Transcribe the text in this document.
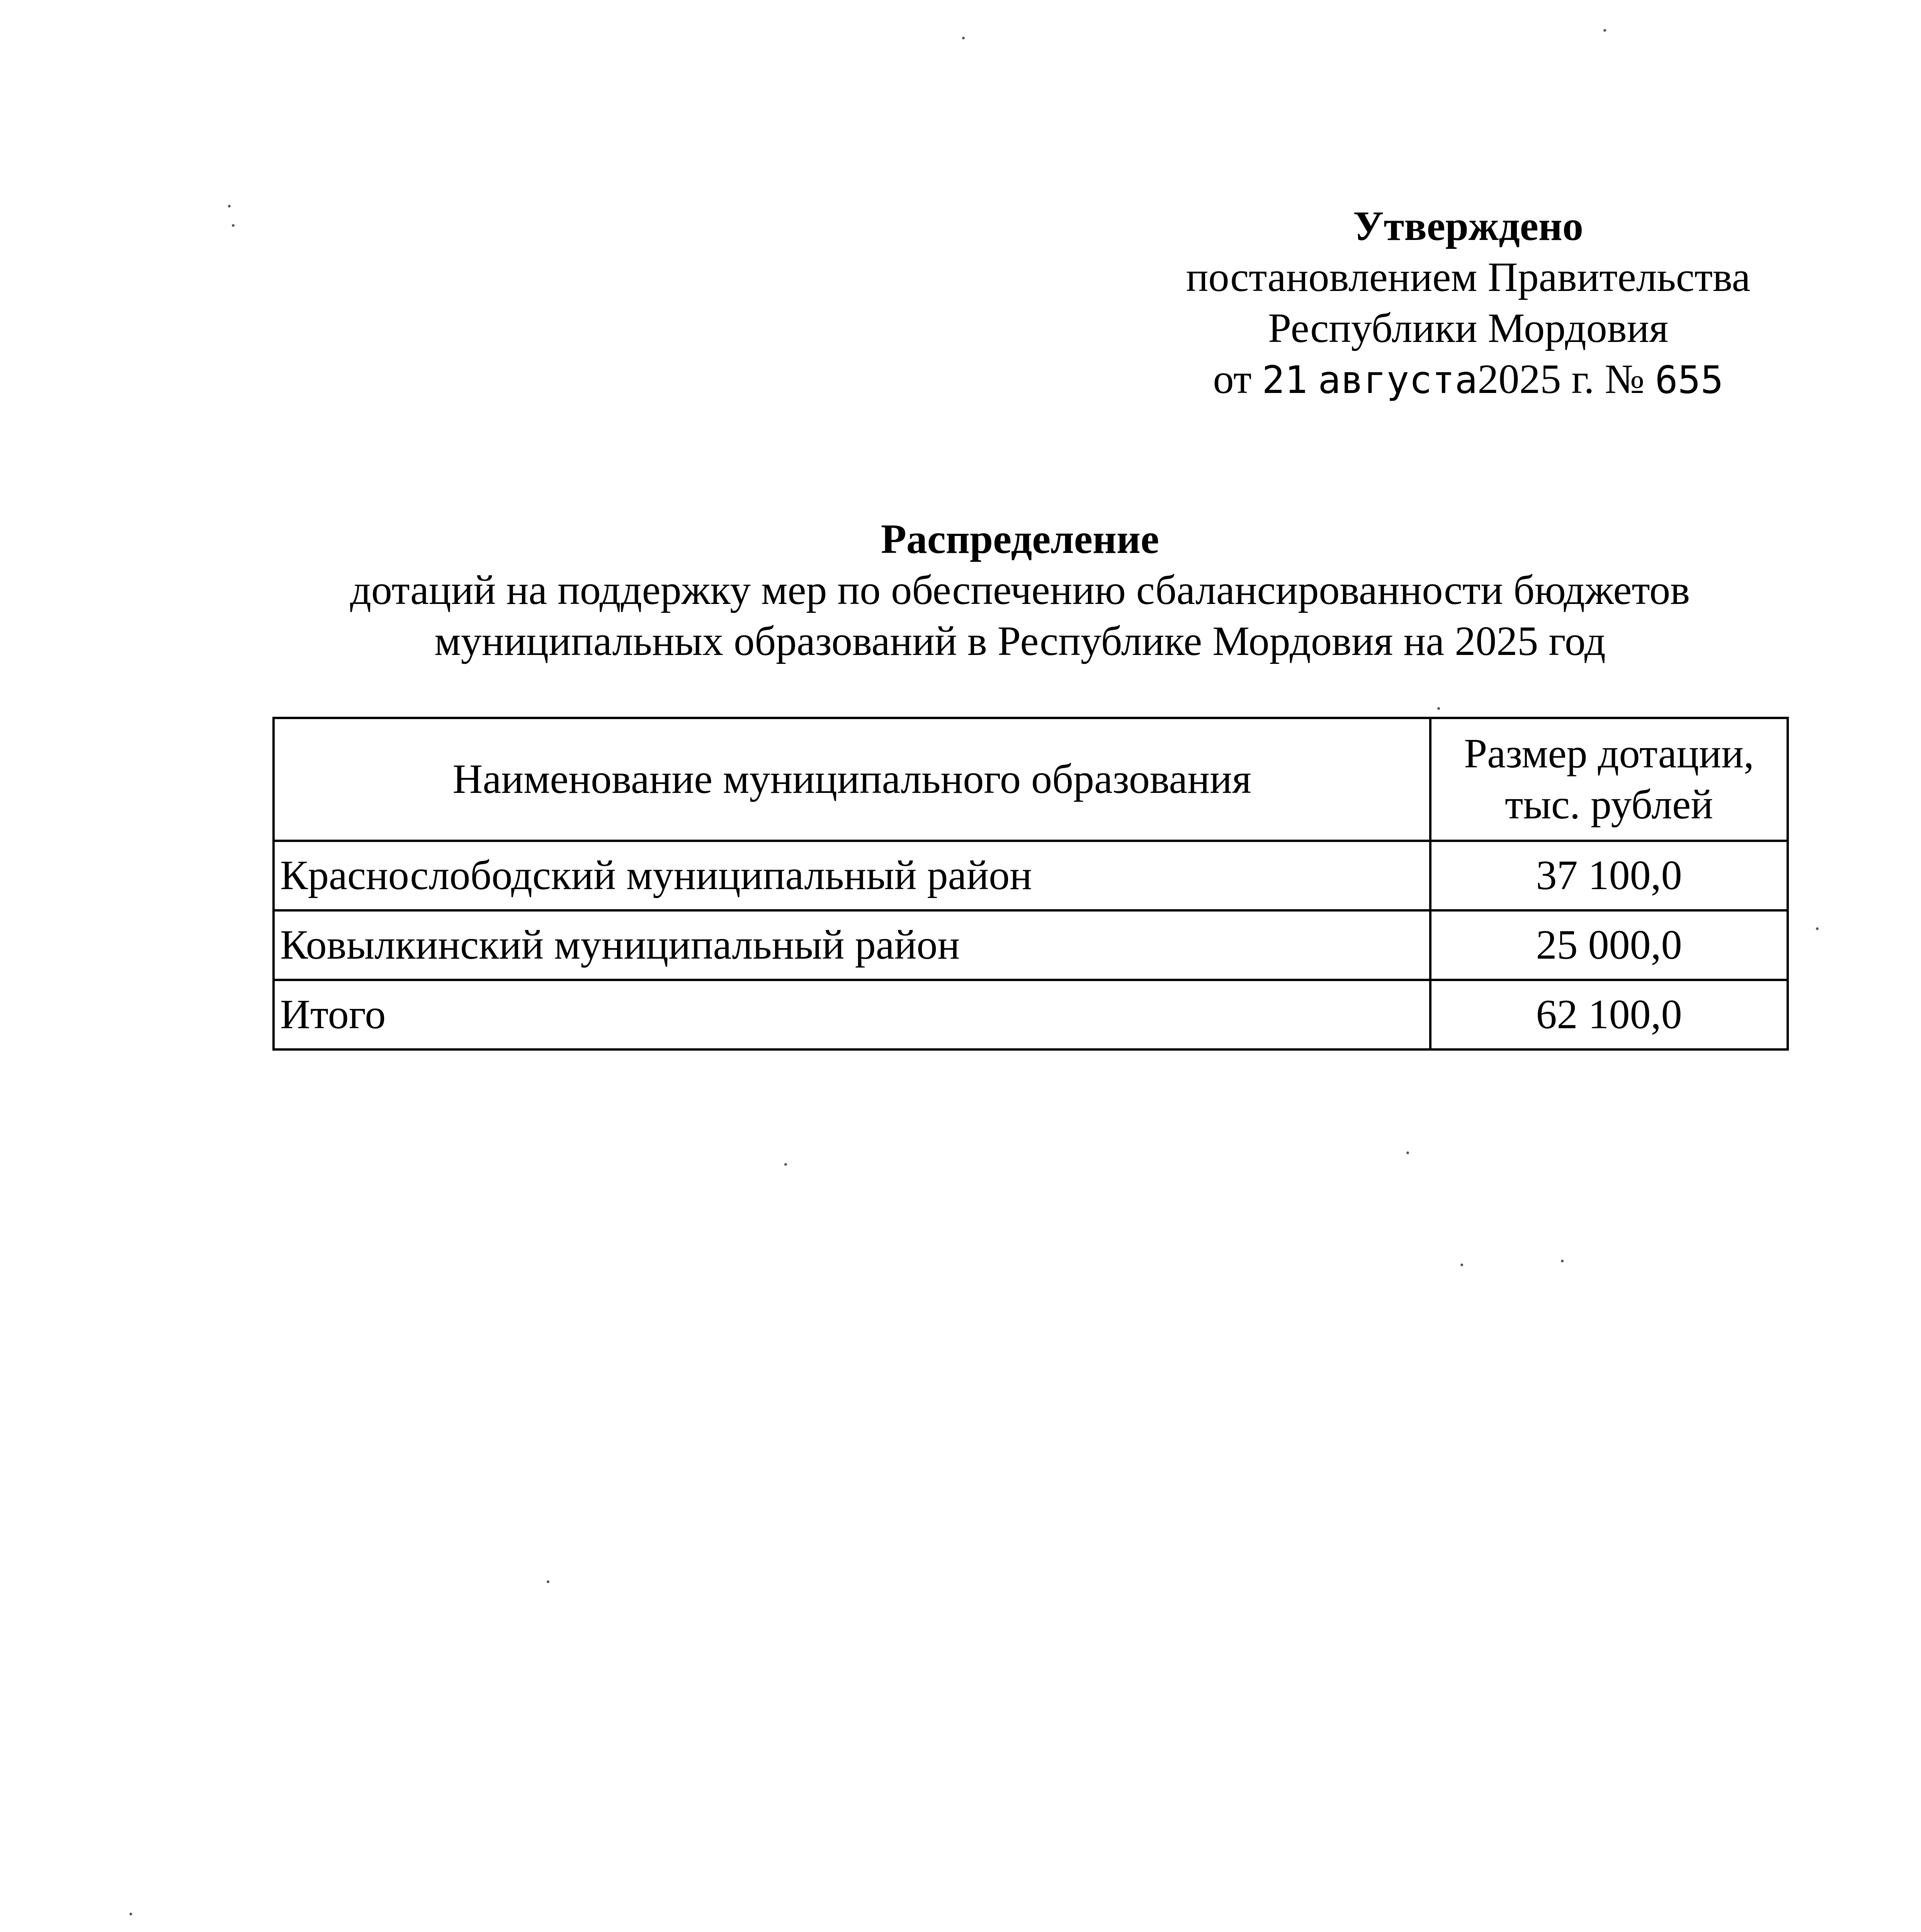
Утверждено
постановлением Правительства
Республики Мордовия
от 21 августа2025 г. № 655
Распределение
дотаций на поддержку мер по обеспечению сбалансированности бюджетов
муниципальных образований в Республике Мордовия на 2025 год
Наименование муниципального образования	Размер дотации,
тыс. рублей

Краснослободский муниципальный район	37 100,0
Ковылкинский муниципальный район	25 000,0
Итого	62 100,0
